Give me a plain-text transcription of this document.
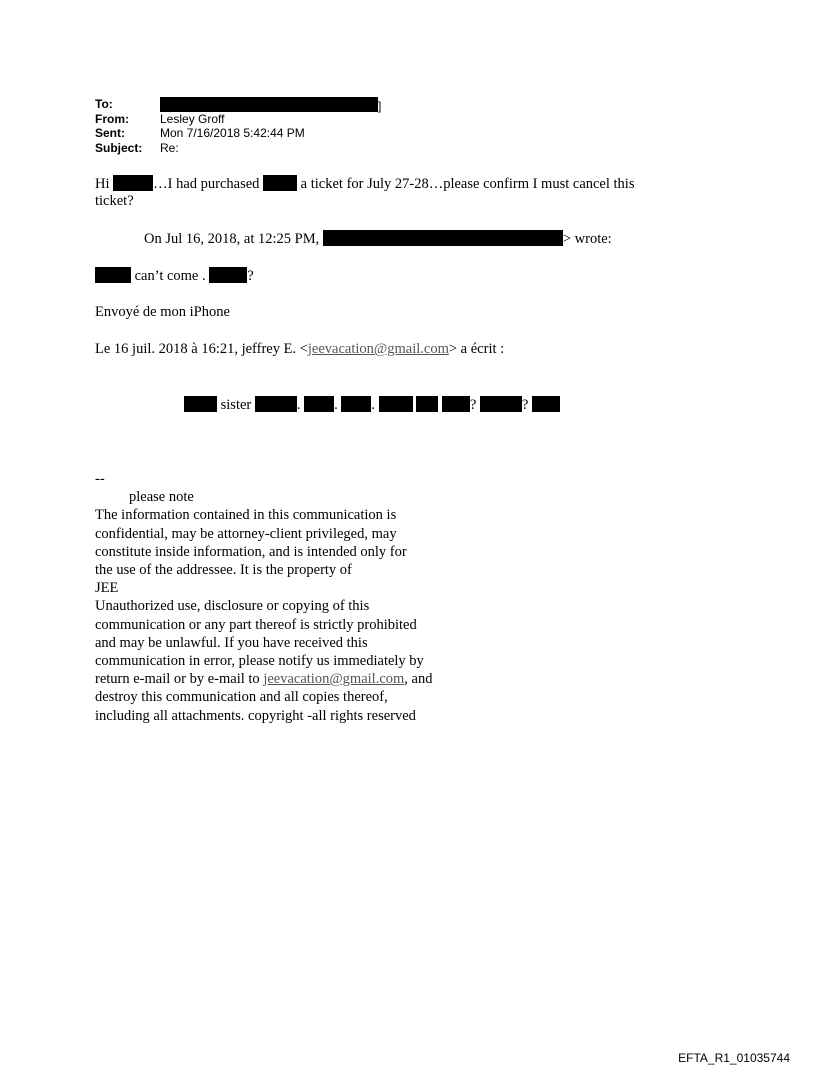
To:	]
From:	Lesley Groff
Sent:	Mon 7/16/2018 5:42:44 PM
Subject:	Re:
Hi	…I had purchased	a ticket for July 27-28…please confirm I must cancel this
ticket?
On Jul 16, 2018, at 12:25 PM,	> wrote:
can’t come .	?
Envoyé de mon iPhone
Le 16 juil. 2018 à 16:21, jeffrey E. <jeevacation@gmail.com> a écrit :
sister	. . .	?	?
--
please note
The information contained in this communication is
confidential, may be attorney-client privileged, may
constitute inside information, and is intended only for
the use of the addressee. It is the property of
JEE
Unauthorized use, disclosure or copying of this
communication or any part thereof is strictly prohibited
and may be unlawful. If you have received this
communication in error, please notify us immediately by
return e-mail or by e-mail to jeevacation@gmail.com, and
destroy this communication and all copies thereof,
including all attachments. copyright -all rights reserved
EFTA_R1_01035744
